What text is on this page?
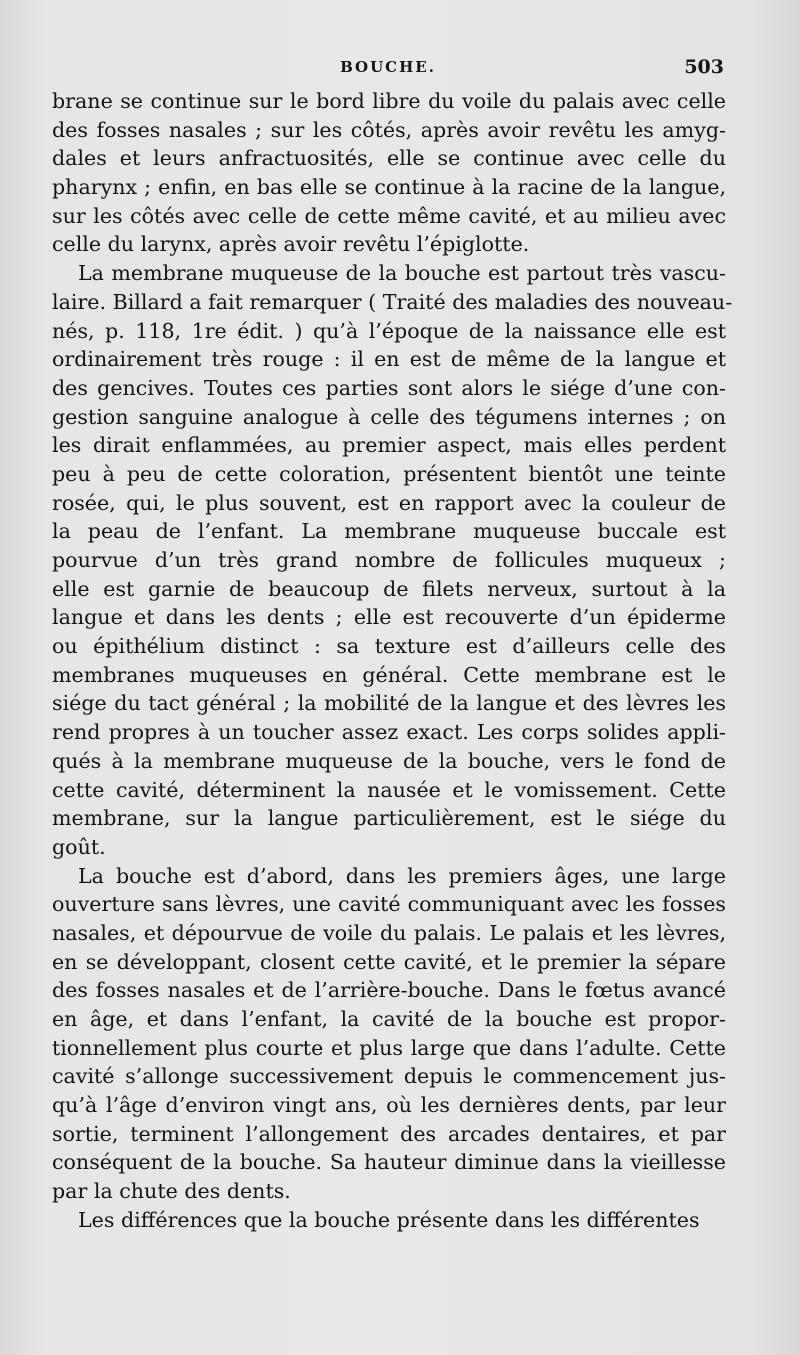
BOUCHE.	503
brane se continue sur le bord libre du voile du palais avec celle
des fosses nasales ; sur les côtés, après avoir revêtu les amyg-
dales et leurs anfractuosités, elle se continue avec celle du
pharynx ; enfin, en bas elle se continue à la racine de la langue,
sur les côtés avec celle de cette même cavité, et au milieu avec
celle du larynx, après avoir revêtu l’épiglotte.
La membrane muqueuse de la bouche est partout très vascu-
laire. Billard a fait remarquer ( Traité des maladies des nouveau-
nés, p. 118, 1re édit. ) qu’à l’époque de la naissance elle est
ordinairement très rouge : il en est de même de la langue et
des gencives. Toutes ces parties sont alors le siége d’une con-
gestion sanguine analogue à celle des tégumens internes ; on
les dirait enflammées, au premier aspect, mais elles perdent
peu à peu de cette coloration, présentent bientôt une teinte
rosée, qui, le plus souvent, est en rapport avec la couleur de
la peau de l’enfant. La membrane muqueuse buccale est
pourvue d’un très grand nombre de follicules muqueux ;
elle est garnie de beaucoup de filets nerveux, surtout à la
langue et dans les dents ; elle est recouverte d’un épiderme
ou épithélium distinct : sa texture est d’ailleurs celle des
membranes muqueuses en général. Cette membrane est le
siége du tact général ; la mobilité de la langue et des lèvres les
rend propres à un toucher assez exact. Les corps solides appli-
qués à la membrane muqueuse de la bouche, vers le fond de
cette cavité, déterminent la nausée et le vomissement. Cette
membrane, sur la langue particulièrement, est le siége du
goût.
La bouche est d’abord, dans les premiers âges, une large
ouverture sans lèvres, une cavité communiquant avec les fosses
nasales, et dépourvue de voile du palais. Le palais et les lèvres,
en se développant, closent cette cavité, et le premier la sépare
des fosses nasales et de l’arrière-bouche. Dans le fœtus avancé
en âge, et dans l’enfant, la cavité de la bouche est propor-
tionnellement plus courte et plus large que dans l’adulte. Cette
cavité s’allonge successivement depuis le commencement jus-
qu’à l’âge d’environ vingt ans, où les dernières dents, par leur
sortie, terminent l’allongement des arcades dentaires, et par
conséquent de la bouche. Sa hauteur diminue dans la vieillesse
par la chute des dents.
Les différences que la bouche présente dans les différentes
